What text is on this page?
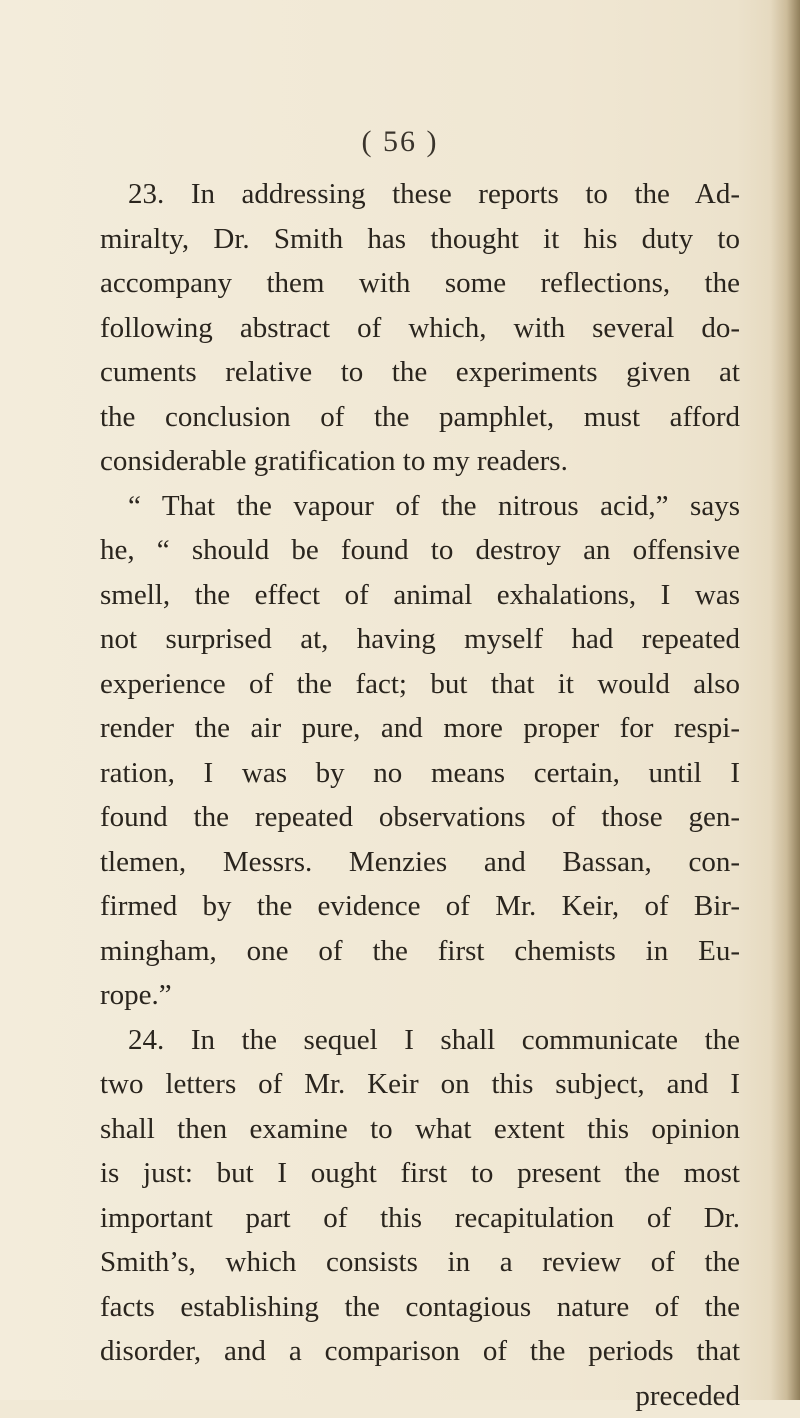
( 56 )
23. In addressing these reports to the Ad-
miralty, Dr. Smith has thought it his duty to
accompany them with some reflections, the
following abstract of which, with several do-
cuments relative to the experiments given at
the conclusion of the pamphlet, must afford
considerable gratification to my readers.
“ That the vapour of the nitrous acid,” says
he, “ should be found to destroy an offensive
smell, the effect of animal exhalations, I was
not surprised at, having myself had repeated
experience of the fact; but that it would also
render the air pure, and more proper for respi-
ration, I was by no means certain, until I
found the repeated observations of those gen-
tlemen, Messrs. Menzies and Bassan, con-
firmed by the evidence of Mr. Keir, of Bir-
mingham, one of the first chemists in Eu-
rope.”
24. In the sequel I shall communicate the
two letters of Mr. Keir on this subject, and I
shall then examine to what extent this opinion
is just: but I ought first to present the most
important part of this recapitulation of Dr.
Smith’s, which consists in a review of the
facts establishing the contagious nature of the
disorder, and a comparison of the periods that
preceded
